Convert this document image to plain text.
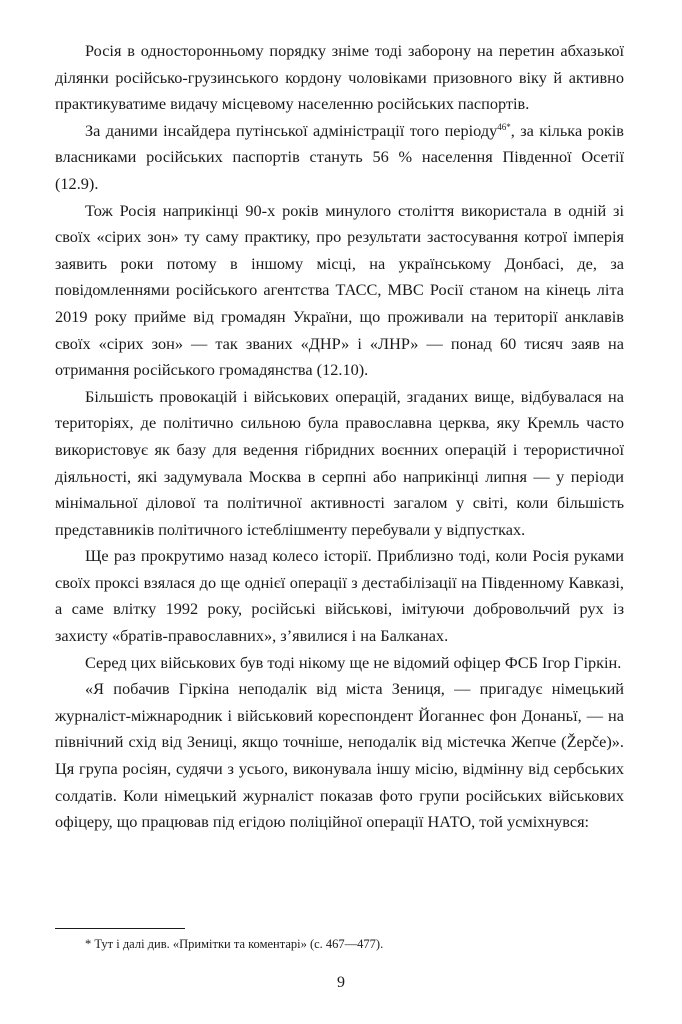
Росія в односторонньому порядку зніме тоді заборону на перетин абхазької ділянки російсько-грузинського кордону чоловіками призовного віку й активно практикуватиме видачу місцевому населенню російських паспортів.

За даними інсайдера путінської адміністрації того періоду$^{46*}$, за кілька років власниками російських паспортів стануть 56 % населення Південної Осетії (12.9).

Тож Росія наприкінці 90-х років минулого століття використала в одній зі своїх «сірих зон» ту саму практику, про результати застосування котрої імперія заявить роки потому в іншому місці, на українському Донбасі, де, за повідомленнями російського агентства ТАСС, МВС Росії станом на кінець літа 2019 року прийме від громадян України, що проживали на території анклавів своїх «сірих зон» — так званих «ДНР» і «ЛНР» — понад 60 тисяч заяв на отримання російського громадянства (12.10).

Більшість провокацій і військових операцій, згаданих вище, відбувалася на територіях, де політично сильною була православна церква, яку Кремль часто використовує як базу для ведення гібридних воєнних операцій і терористичної діяльності, які задумувала Москва в серпні або наприкінці липня — у періоди мінімальної ділової та політичної активності загалом у світі, коли більшість представників політичного істеблішменту перебували у відпустках.

Ще раз прокрутимо назад колесо історії. Приблизно тоді, коли Росія руками своїх проксі взялася до ще однієї операції з дестабілізації на Південному Кавказі, а саме влітку 1992 року, російські військові, імітуючи добровольчий рух із захисту «братів-православних», з’явилися і на Балканах.

Серед цих військових був тоді нікому ще не відомий офіцер ФСБ Ігор Гіркін.

«Я побачив Гіркіна неподалік від міста Зениця, — пригадує німецький журналіст-міжнародник і військовий кореспондент Йоганнес фон Донаньї, — на північний схід від Зениці, якщо точніше, неподалік від містечка Жепче (Žepče)». Ця група росіян, судячи з усього, виконувала іншу місію, відмінну від сербських солдатів. Коли німецький журналіст показав фото групи російських військових офіцеру, що працював під егідою поліційної операції НАТО, той усміхнувся:

* Тут і далі див. «Примітки та коментарі» (с. 467—477).

9
